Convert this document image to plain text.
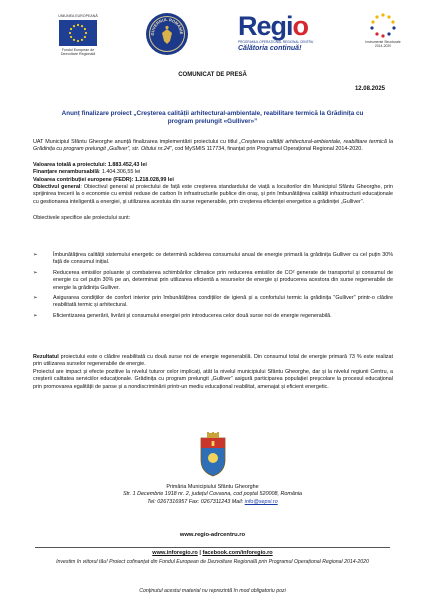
UNIUNEA EUROPEANĂ
Fondul European de
Dezvoltare Regională
GUVERNUL ROMÂNIE Regio
PROGRAMUL OPERAȚIONAL REGIONAL CENTRU
Călătoria continuă!
Instrumente Structurale
2014-2020
COMUNICAT DE PRESĂ
12.08.2025
Anunț finalizare proiect „Creșterea calității arhitectural-ambientale, reabilitare termică la Grădinița cu program prelungit «Gulliver»”
UAT Municipiul Sfântu Gheorghe anunță finalizarea implementării proiectului cu titlul „Creșterea calității arhitectural-ambientale, reabilitare termică la Grădinița cu program prelungit „Gulliver”, str. Oltului nr.24”, cod MySMIS 117734, finanțat prin Programul Operațional Regional 2014-2020.
Valoarea totală a proiectului: 1.883.452,43 lei
Finanțare nerambursabilă: 1.404.306,55 lei
Valoarea contribuției europene (FEDR): 1.218.028,99 lei
Obiectivul general: Obiectivul general al proiectului de față este creșterea standardului de viață a locuitorilor din Municipiul Sfântu Gheorghe, prin sprijinirea trecerii la o economie cu emisii reduse de carbon în infrastructurile publice din oraș, și prin îmbunătățirea calității infrastructurii educaționale cu gestionarea inteligentă a energiei, și utilizarea acestuia din surse regenerabile, prin creșterea eficienței energetice a grădiniței „Gulliver”.
Obiectivele specifice ale proiectului sunt:
➢	Îmbunătățirea calității sistemului energetic ce determină scăderea consumului anual de energie primară la grădinița Gulliver cu cel puțin 30% față de consumul inițial.
➢	Reducerea emisiilor poluante și combaterea schimbărilor climatice prin reducerea emisiilor de CO² generate de transportul și consumul de energie cu cel puțin 30% pe an, determinat prin utilizarea eficientă a resurselor de energie și producerea acestora din surse regenerabile de energie la grădinița Gulliver.
➢	Asigurarea condițiilor de confort interior prin îmbunătățirea condițiilor de igienă și a confortului termic la grădinița "Gulliver" printr-o clădire reabilitată termic și arhitectural.
➢	Eficientizarea generării, livrării și consumului energiei prin introducerea celor două surse noi de energie regenerabilă.
Rezultatul proiectului este o clădire reabilitată cu două surse noi de energie regenerabilă. Din consumul total de energie primară 73 % este realizat prin utilizarea surselor regenerabile de energie.
Proiectul are impact și efecte pozitive la nivelul tuturor celor implicați, atât la nivelul municipiului Sfântu Gheorghe, dar și la nivelul regiunii Centru, a creșterii calitatea serviciilor educaționale. Grădinița cu program prelungit „Gulliver” asigură participarea populației preșcolare la procesul educațional prin promovarea egalității de șanse și a nondiscriminării printr-un mediu educațional reabilitat, amenajat și eficient energetic.
Primăria Municipiului Sfântu Gheorghe
Str. 1 Decembrie 1918 nr. 2, județul Covasna, cod poștal 520008, România
Tel: 0267316957 Fax: 0267311243 Mail: info@sepsi.ro
www.regio-adrcentru.ro
www.inforegio.ro | facebook.com/inforegio.ro
Investim în viitorul tău! Proiect cofinanțat din Fondul European de Dezvoltare Regională prin Programul Operațional Regional 2014-2020
Conținutul acestui material nu reprezintă în mod obligatoriu pozi
